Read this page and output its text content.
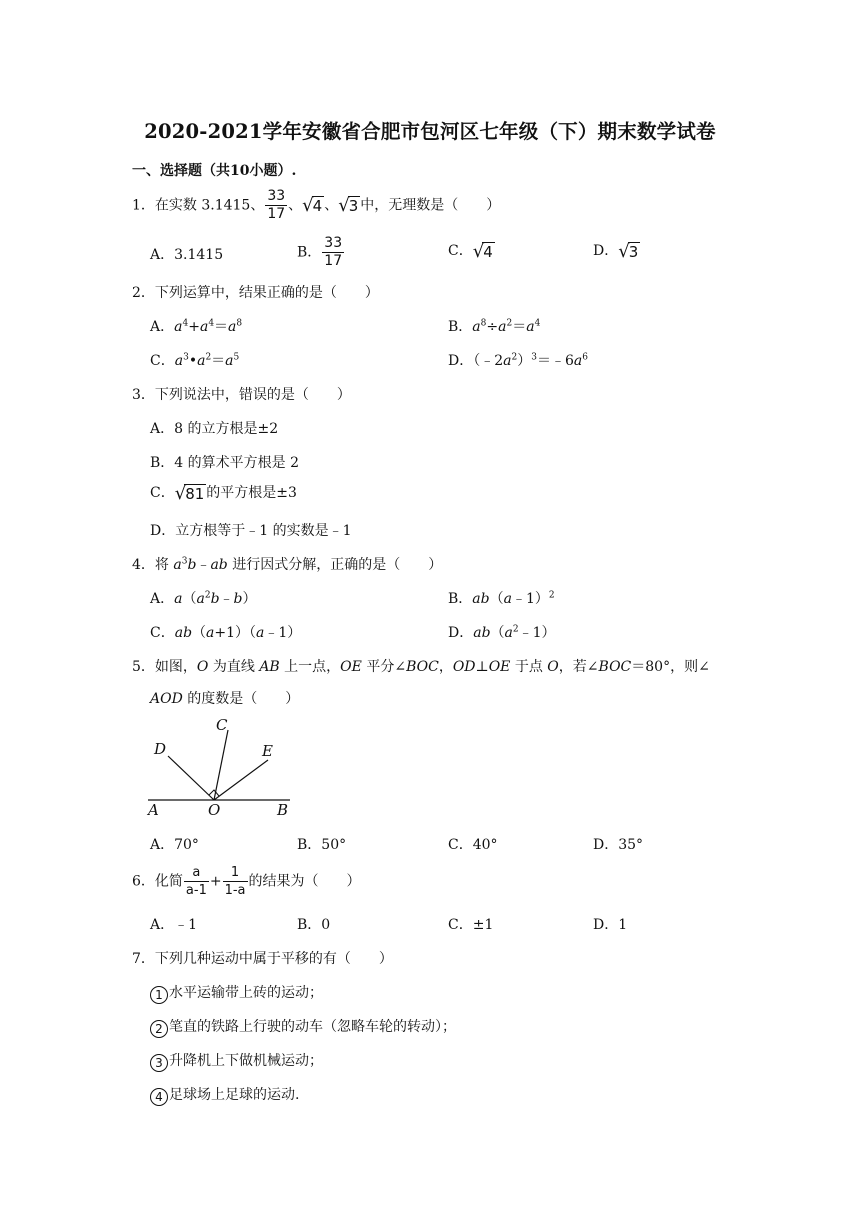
2020-2021学年安徽省合肥市包河区七年级（下）期末数学试卷
一、选择题（共10小题）.
1．在实数 3.1415、 $\frac{33}{17}$ 、√4 、√3 中，无理数是（　　）
A．3.1415	B． $\frac{33}{17}$	C．√4	D．√3
2．下列运算中，结果正确的是（　　）
A．$a^4+a^4=a^8$	B．$a^8\div a^2=a^4$
C．$a^3•a^2=a^5$	D．$(﹣2a^2)^3=﹣6a^6$
3．下列说法中，错误的是（　　）
A．8 的立方根是±2
B．4 的算术平方根是 2
C．√81 的平方根是±3
D．立方根等于﹣1 的实数是﹣1
4．将 $a^3b﹣ab$ 进行因式分解，正确的是（　　）
A．$a(a^2b﹣b)$	B．ab（a﹣1）$^2$
C．ab（a+1）（a﹣1）	D．$ab(a^2﹣1)$
5．如图，O 为直线 AB 上一点，OE 平分∠BOC，OD⊥OE 于点 O，若∠BOC＝80°，则∠
AOD 的度数是（　　）
C
D	E
A	O	B
A．70°	B．50°	C．40°	D．35°
6．化简 $\frac{a}{a-1} + \frac{1}{1-a}$ 的结果为（　　）
A．﹣1	B．0	C．±1	D．1
7．下列几种运动中属于平移的有（　　）
1 水平运输带上砖的运动；
2 笔直的铁路上行驶的动车（忽略车轮的转动）；
3 升降机上下做机械运动；
4 足球场上足球的运动.
